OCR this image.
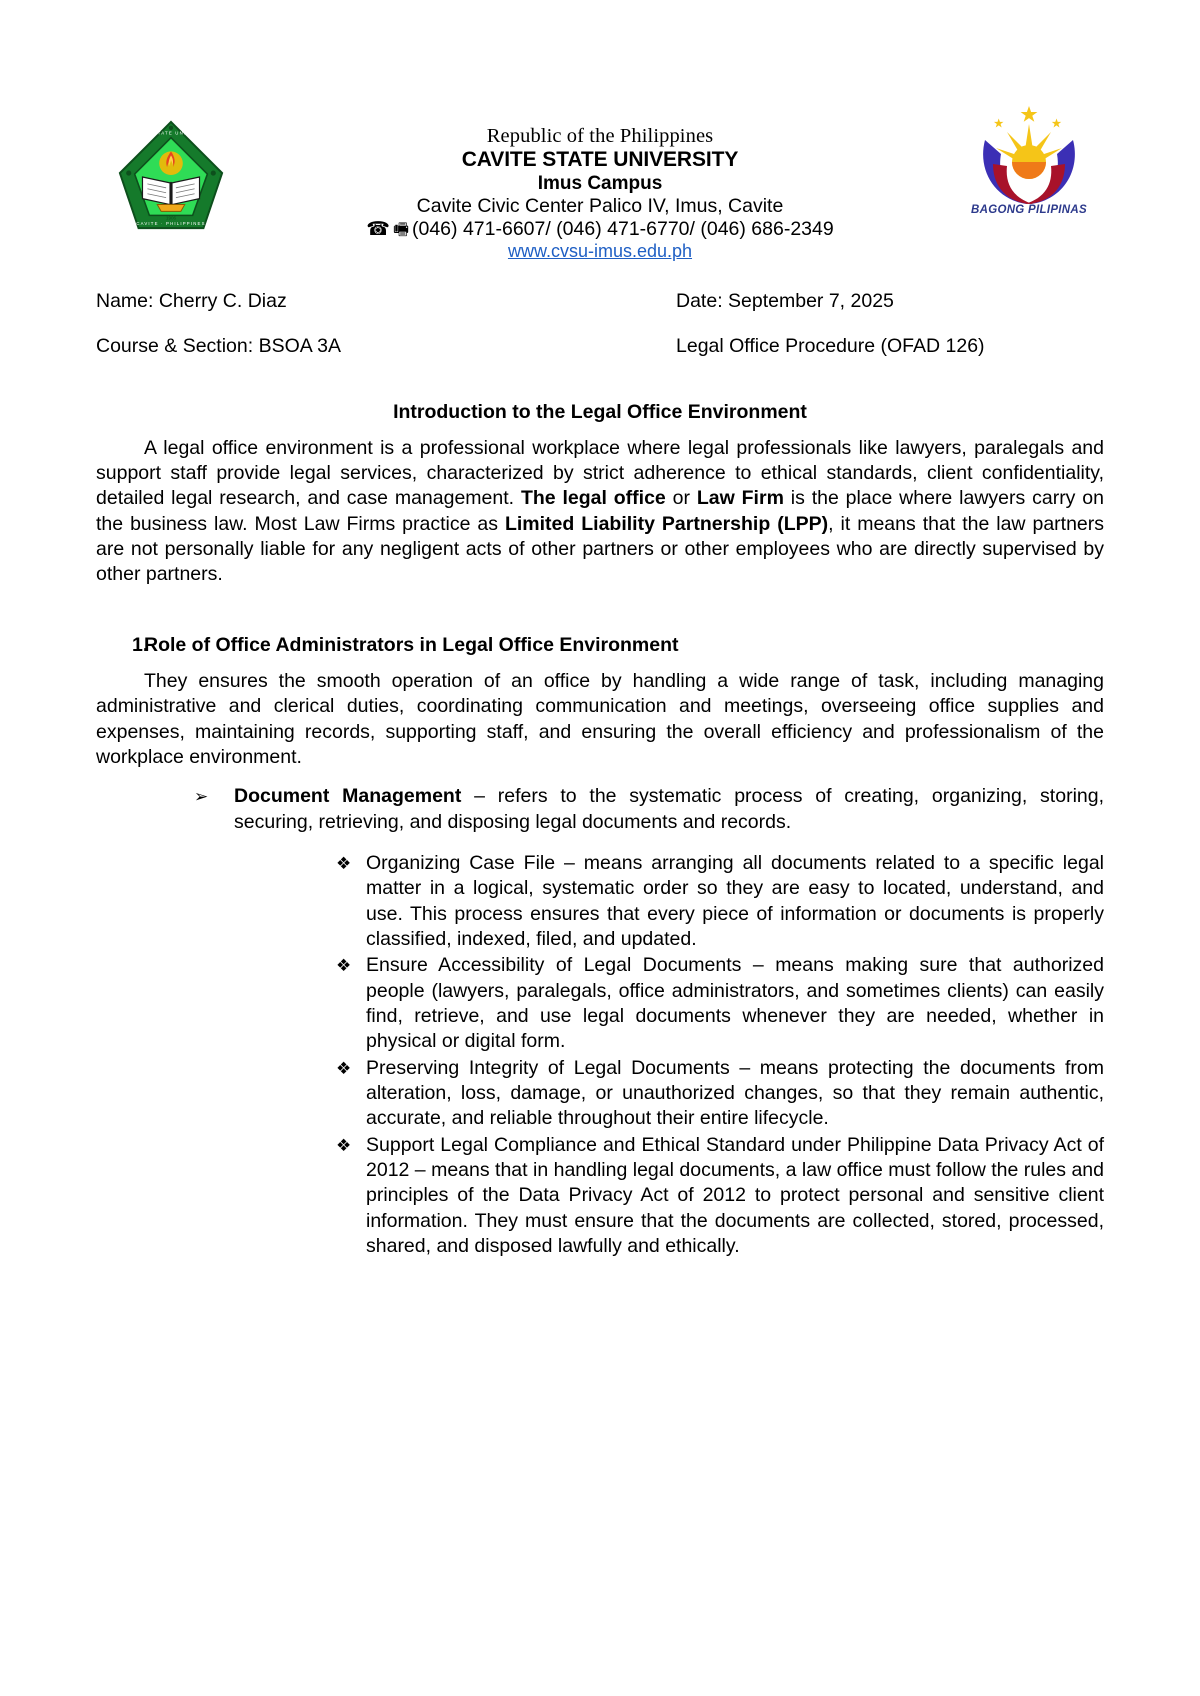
CAVITE STATE UNIVERSITY
CAVITE · PHILIPPINES
1906
Republic of the Philippines
CAVITE STATE UNIVERSITY
Imus Campus
Cavite Civic Center Palico IV, Imus, Cavite
☎ 🖷 (046) 471-6607/ (046) 471-6770/ (046) 686-2349
www.cvsu-imus.edu.ph
BAGONG PILIPINAS
Name: Cherry C. Diaz	Date: September 7, 2025
Course & Section: BSOA 3A	Legal Office Procedure (OFAD 126)
Introduction to the Legal Office Environment

A legal office environment is a professional workplace where legal professionals like lawyers, paralegals and support staff provide legal services, characterized by strict adherence to ethical standards, client confidentiality, detailed legal research, and case management. The legal office or Law Firm is the place where lawyers carry on the business law. Most Law Firms practice as Limited Liability Partnership (LPP), it means that the law partners are not personally liable for any negligent acts of other partners or other employees who are directly supervised by other partners.

1.
Role of Office Administrators in Legal Office Environment

They ensures the smooth operation of an office by handling a wide range of task, including managing administrative and clerical duties, coordinating communication and meetings, overseeing office supplies and expenses, maintaining records, supporting staff, and ensuring the overall efficiency and professionalism of the workplace environment.

➢	Document Management – refers to the systematic process of creating, organizing, storing, securing, retrieving, and disposing legal documents and records.
❖ Organizing Case File – means arranging all documents related to a specific legal matter in a logical, systematic order so they are easy to located, understand, and use. This process ensures that every piece of information or documents is properly classified, indexed, filed, and updated.
❖ Ensure Accessibility of Legal Documents – means making sure that authorized people (lawyers, paralegals, office administrators, and sometimes clients) can easily find, retrieve, and use legal documents whenever they are needed, whether in physical or digital form.
❖ Preserving Integrity of Legal Documents – means protecting the documents from alteration, loss, damage, or unauthorized changes, so that they remain authentic, accurate, and reliable throughout their entire lifecycle.
❖ Support Legal Compliance and Ethical Standard under Philippine Data Privacy Act of 2012 – means that in handling legal documents, a law office must follow the rules and principles of the Data Privacy Act of 2012 to protect personal and sensitive client information. They must ensure that the documents are collected, stored, processed, shared, and disposed lawfully and ethically.
